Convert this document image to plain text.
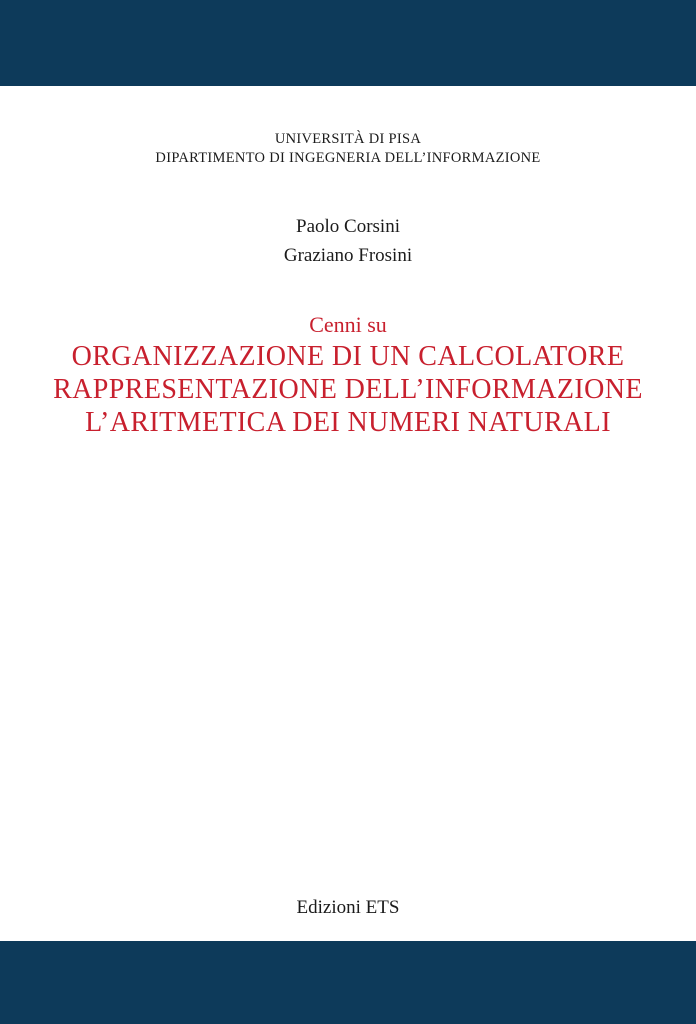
UNIVERSITÀ DI PISA
DIPARTIMENTO DI INGEGNERIA DELL’INFORMAZIONE
Paolo Corsini
Graziano Frosini
Cenni su
ORGANIZZAZIONE DI UN CALCOLATORE
RAPPRESENTAZIONE DELL’INFORMAZIONE
L’ARITMETICA DEI NUMERI NATURALI
Edizioni ETS
